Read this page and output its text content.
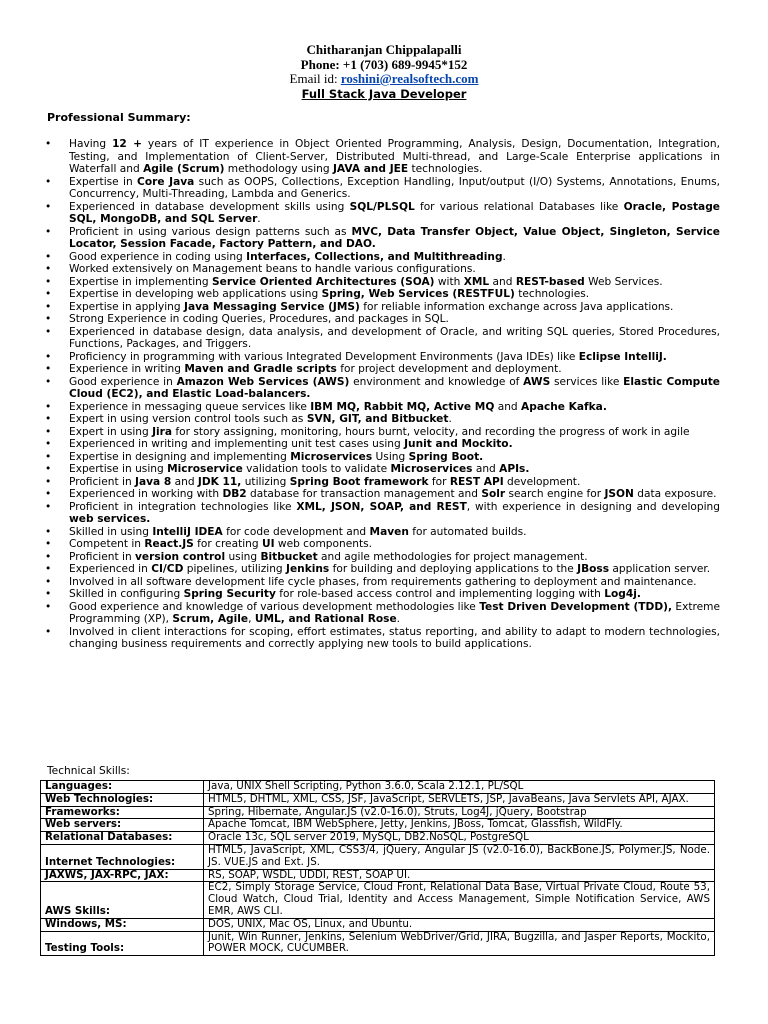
Chitharanjan Chippalapalli
Phone: +1 (703) 689-9945*152
Email id: roshini@realsoftech.com
Full Stack Java Developer
Professional Summary:
• Having 12 + years of IT experience in Object Oriented Programming, Analysis, Design, Documentation, Integration, Testing, and Implementation of Client-Server, Distributed Multi-thread, and Large-Scale Enterprise applications in Waterfall and Agile (Scrum) methodology using JAVA and JEE technologies.
• Expertise in Core Java such as OOPS, Collections, Exception Handling, Input/output (I/O) Systems, Annotations, Enums, Concurrency, Multi-Threading, Lambda and Generics.
• Experienced in database development skills using SQL/PLSQL for various relational Databases like Oracle, Postage SQL, MongoDB, and SQL Server.
• Proficient in using various design patterns such as MVC, Data Transfer Object, Value Object, Singleton, Service Locator, Session Facade, Factory Pattern, and DAO.
• Good experience in coding using Interfaces, Collections, and Multithreading.
• Worked extensively on Management beans to handle various configurations.
• Expertise in implementing Service Oriented Architectures (SOA) with XML and REST-based Web Services.
• Expertise in developing web applications using Spring, Web Services (RESTFUL) technologies.
• Expertise in applying Java Messaging Service (JMS) for reliable information exchange across Java applications.
• Strong Experience in coding Queries, Procedures, and packages in SQL.
• Experienced in database design, data analysis, and development of Oracle, and writing SQL queries, Stored Procedures, Functions, Packages, and Triggers.
• Proficiency in programming with various Integrated Development Environments (Java IDEs) like Eclipse IntelliJ.
• Experience in writing Maven and Gradle scripts for project development and deployment.
• Good experience in Amazon Web Services (AWS) environment and knowledge of AWS services like Elastic Compute Cloud (EC2), and Elastic Load-balancers.
• Experience in messaging queue services like IBM MQ, Rabbit MQ, Active MQ and Apache Kafka.
• Expert in using version control tools such as SVN, GIT, and Bitbucket.
• Expert in using Jira for story assigning, monitoring, hours burnt, velocity, and recording the progress of work in agile
• Experienced in writing and implementing unit test cases using Junit and Mockito.
• Expertise in designing and implementing Microservices Using Spring Boot.
• Expertise in using Microservice validation tools to validate Microservices and APIs.
• Proficient in Java 8 and JDK 11, utilizing Spring Boot framework for REST API development.
• Experienced in working with DB2 database for transaction management and Solr search engine for JSON data exposure.
• Proficient in integration technologies like XML, JSON, SOAP, and REST, with experience in designing and developing web services.
• Skilled in using IntelliJ IDEA for code development and Maven for automated builds.
• Competent in React.JS for creating UI web components.
• Proficient in version control using Bitbucket and agile methodologies for project management.
• Experienced in CI/CD pipelines, utilizing Jenkins for building and deploying applications to the JBoss application server.
• Involved in all software development life cycle phases, from requirements gathering to deployment and maintenance.
• Skilled in configuring Spring Security for role-based access control and implementing logging with Log4j.
• Good experience and knowledge of various development methodologies like Test Driven Development (TDD), Extreme Programming (XP), Scrum, Agile, UML, and Rational Rose.
• Involved in client interactions for scoping, effort estimates, status reporting, and ability to adapt to modern technologies, changing business requirements and correctly applying new tools to build applications.
Technical Skills:
Languages:	Java, UNIX Shell Scripting, Python 3.6.0, Scala 2.12.1, PL/SQL
Web Technologies:	HTML5, DHTML, XML, CSS, JSF, JavaScript, SERVLETS, JSP, JavaBeans, Java Servlets API, AJAX.
Frameworks:	Spring, Hibernate, Angular.JS (v2.0-16.0), Struts, Log4J, jQuery, Bootstrap
Web servers:	Apache Tomcat, IBM WebSphere, Jetty, Jenkins, JBoss, Tomcat, Glassfish, WildFly.
Relational Databases:	Oracle 13c, SQL server 2019, MySQL, DB2.NoSQL, PostgreSQL
Internet Technologies:	HTML5, JavaScript, XML, CSS3/4, jQuery, Angular JS (v2.0-16.0), BackBone.JS, Polymer.JS, Node. JS. VUE.JS and Ext. JS.
JAXWS, JAX-RPC, JAX:	RS, SOAP, WSDL, UDDI, REST, SOAP UI.
AWS Skills:	EC2, Simply Storage Service, Cloud Front, Relational Data Base, Virtual Private Cloud, Route 53, Cloud Watch, Cloud Trial, Identity and Access Management, Simple Notification Service, AWS EMR, AWS CLI.
Windows, MS:	DOS, UNIX, Mac OS, Linux, and Ubuntu.
Testing Tools:	Junit, Win Runner, Jenkins, Selenium WebDriver/Grid, JIRA, Bugzilla, and Jasper Reports, Mockito, POWER MOCK, CUCUMBER.
